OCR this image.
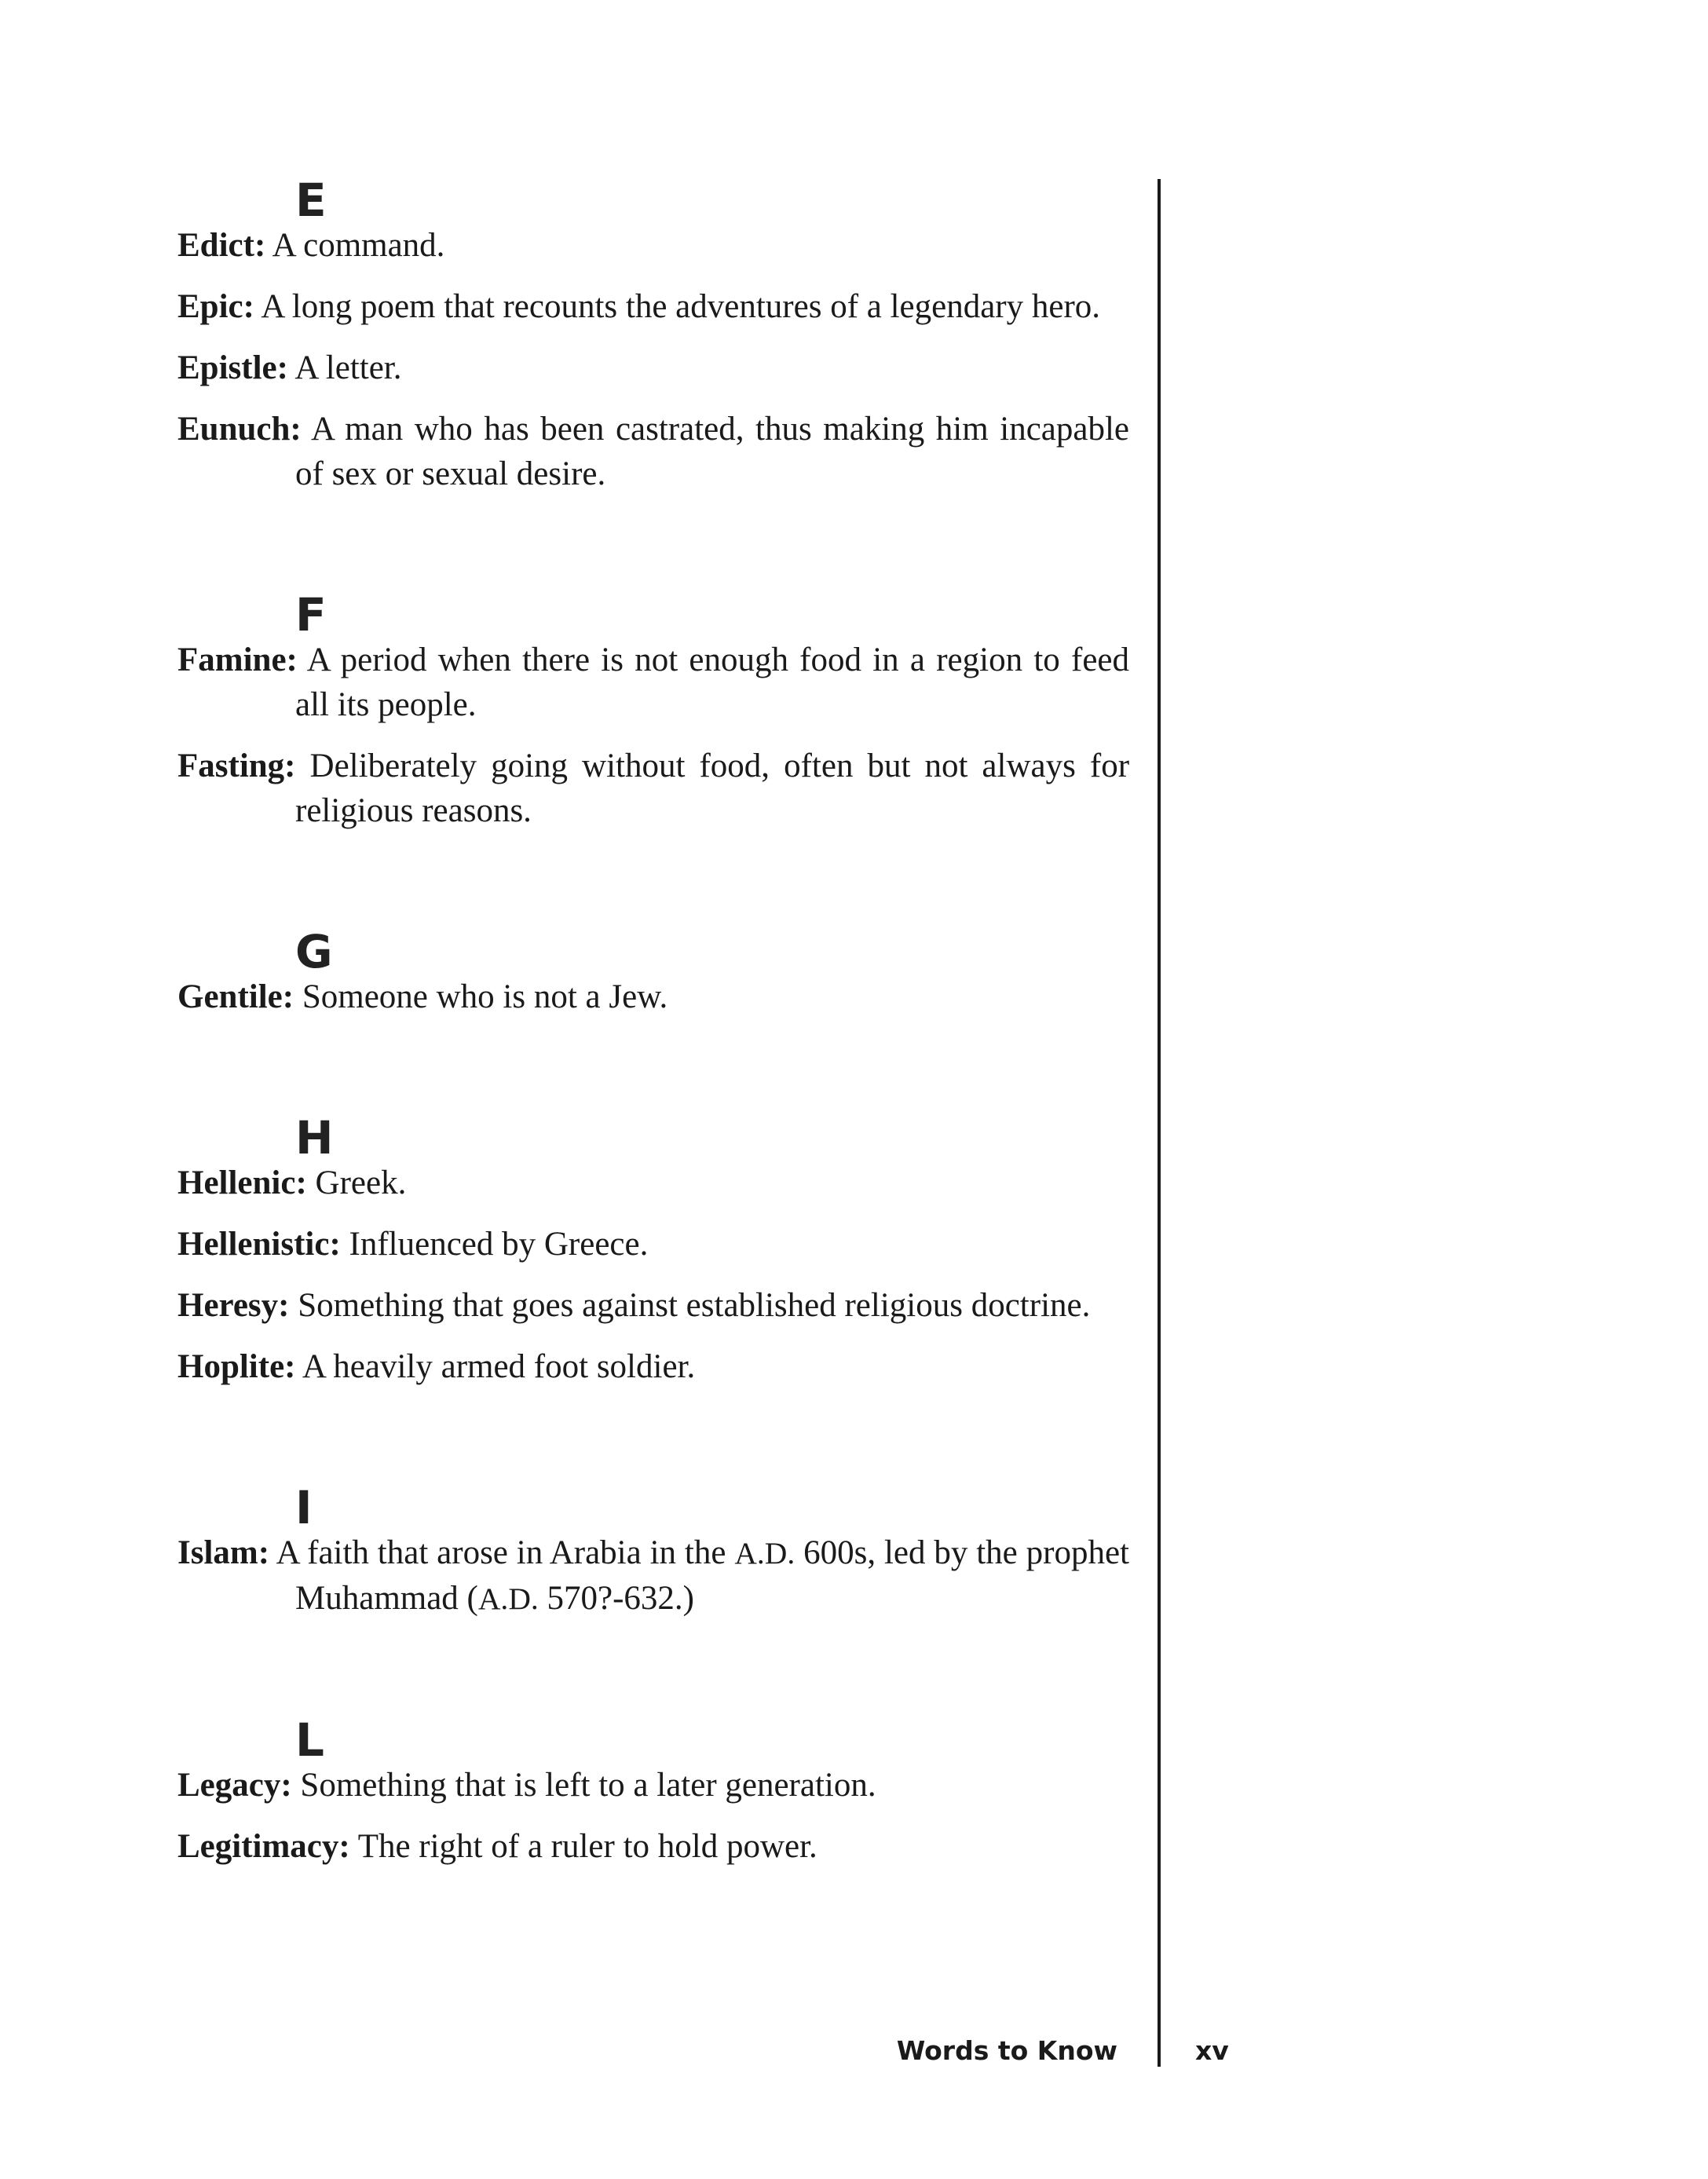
E

Edict: A command.

Epic: A long poem that recounts the adventures of a legendary hero.

Epistle: A letter.

Eunuch: A man who has been castrated, thus making him incapable of sex or sexual desire.

F

Famine: A period when there is not enough food in a region to feed all its people.

Fasting: Deliberately going without food, often but not always for religious reasons.

G

Gentile: Someone who is not a Jew.

H

Hellenic: Greek.

Hellenistic: Influenced by Greece.

Heresy: Something that goes against established religious doctrine.

Hoplite: A heavily armed foot soldier.

I

Islam: A faith that arose in Arabia in the A.D. 600s, led by the prophet Muhammad (A.D. 570?-632.)

L

Legacy: Something that is left to a later generation.

Legitimacy: The right of a ruler to hold power.

Words to Know	xv
